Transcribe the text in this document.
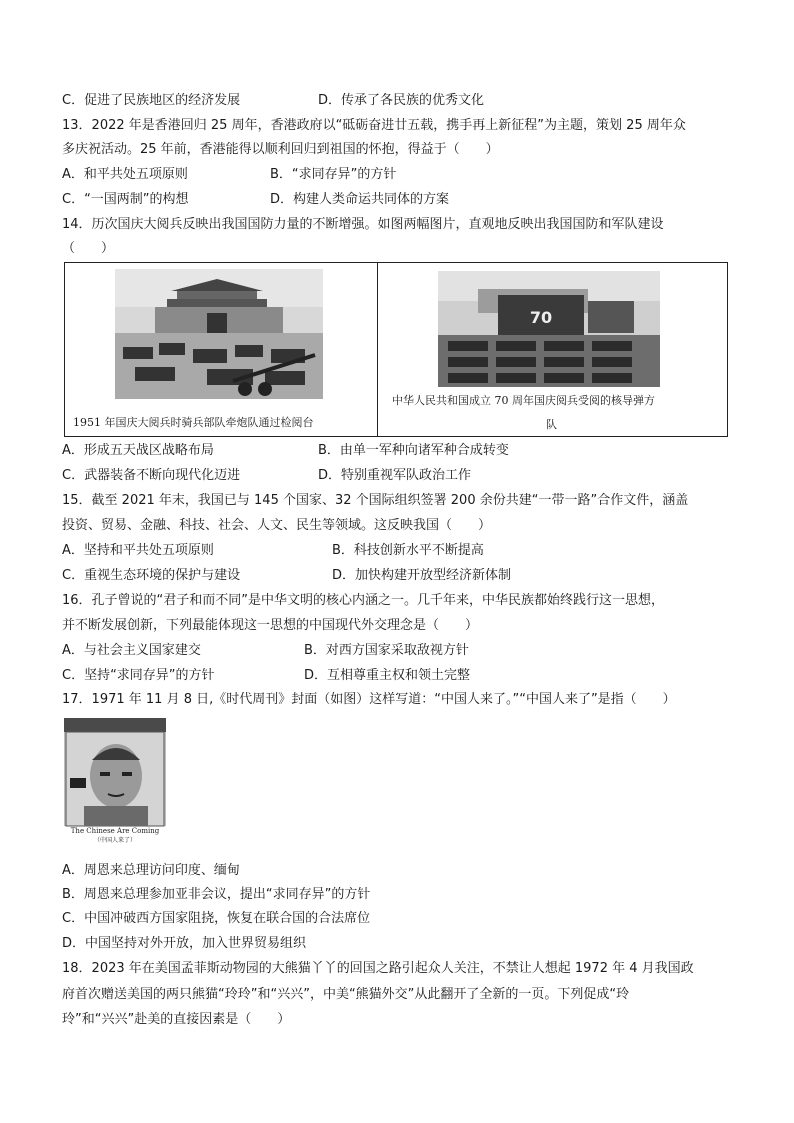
C．促进了民族地区的经济发展	D．传承了各民族的优秀文化
13．2022 年是香港回归 25 周年，香港政府以“砥砺奋进廿五载，携手再上新征程”为主题，策划 25 周年众
多庆祝活动。25 年前，香港能得以顺利回归到祖国的怀抱，得益于（　　）
A．和平共处五项原则	B．“求同存异”的方针
C．“一国两制”的构想	D．构建人类命运共同体的方案
14．历次国庆大阅兵反映出我国国防力量的不断增强。如图两幅图片，直观地反映出我国国防和军队建设
（　　）
1951 年国庆大阅兵时骑兵部队牵炮队通过检阅台
70
中华人民共和国成立 70 周年国庆阅兵受阅的核导弹方
队
A．形成五天战区战略布局	B．由单一军种向诸军种合成转变
C．武器装备不断向现代化迈进	D．特别重视军队政治工作
15．截至 2021 年末，我国已与 145 个国家、32 个国际组织签署 200 余份共建“一带一路”合作文件，涵盖
投资、贸易、金融、科技、社会、人文、民生等领域。这反映我国（　　）
A．坚持和平共处五项原则	B．科技创新水平不断提高
C．重视生态环境的保护与建设	D．加快构建开放型经济新体制
16．孔子曾说的“君子和而不同”是中华文明的核心内涵之一。几千年来，中华民族都始终践行这一思想，
并不断发展创新，下列最能体现这一思想的中国现代外交理念是（　　）
A．与社会主义国家建交	B．对西方国家采取敌视方针
C．坚持“求同存异”的方针	D．互相尊重主权和领土完整
17．1971 年 11 月 8 日,《时代周刊》封面（如图）这样写道：“中国人来了。”“中国人来了”是指（　　）
The Chinese Are Coming
（中国人来了）
A．周恩来总理访问印度、缅甸
B．周恩来总理参加亚非会议，提出“求同存异”的方针
C．中国冲破西方国家阻挠，恢复在联合国的合法席位
D．中国坚持对外开放，加入世界贸易组织
18．2023 年在美国孟菲斯动物园的大熊猫丫丫的回国之路引起众人关注，不禁让人想起 1972 年 4 月我国政
府首次赠送美国的两只熊猫“玲玲”和“兴兴”，中美“熊猫外交”从此翻开了全新的一页。下列促成“玲
玲”和“兴兴”赴美的直接因素是（　　）
